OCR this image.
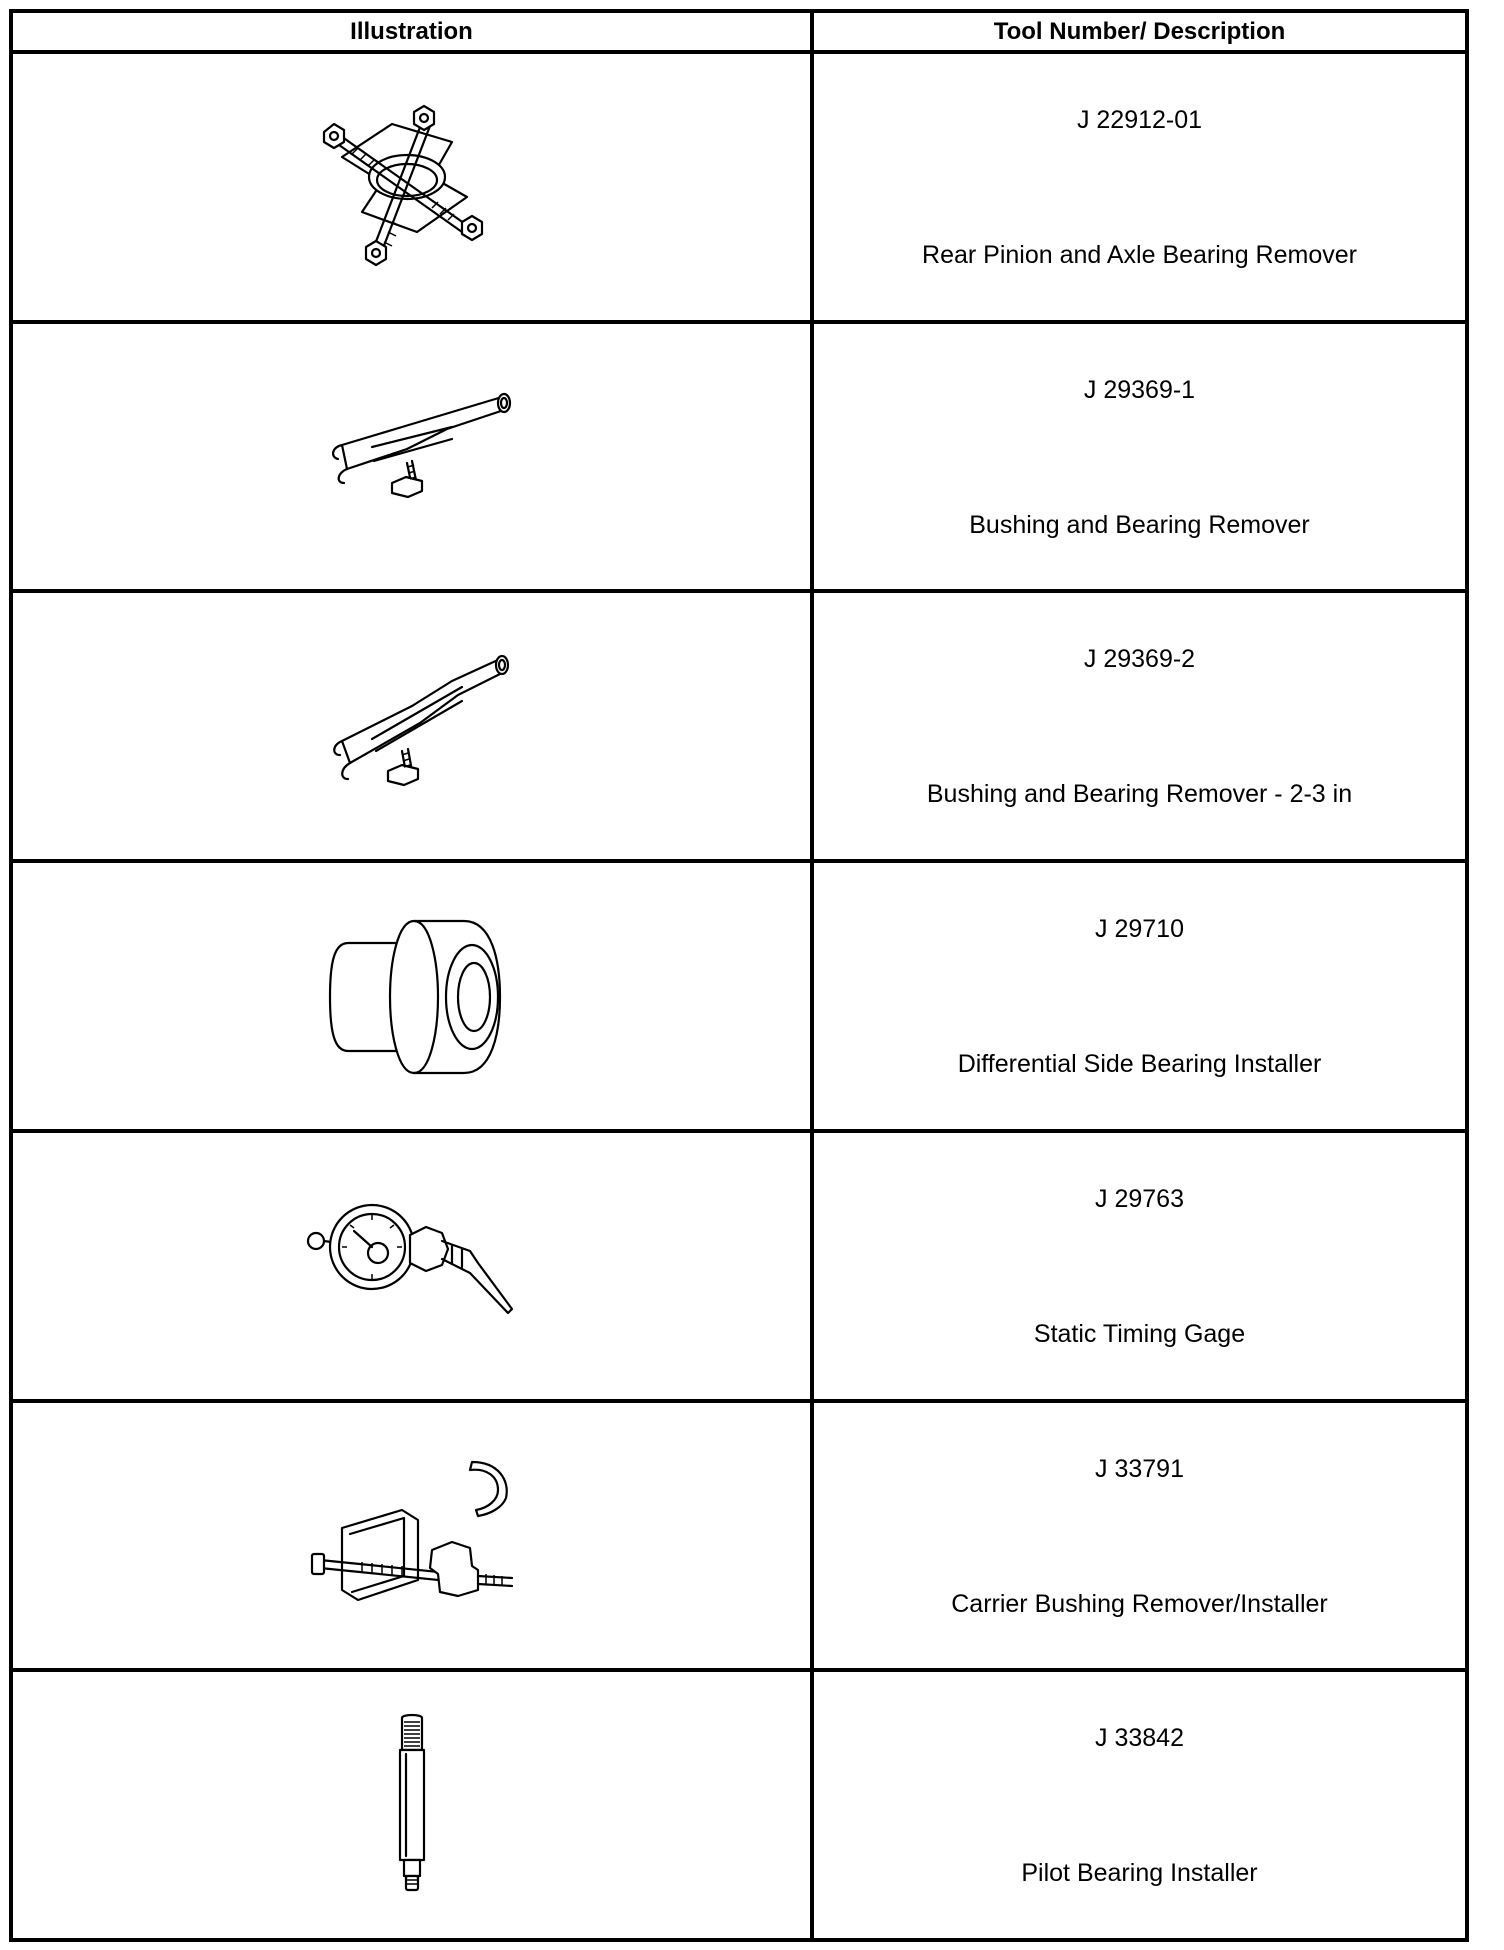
Illustration	Tool Number/ Description

J 22912-01
Rear Pinion and Axle Bearing Remover

J 29369-1
Bushing and Bearing Remover

J 29369-2
Bushing and Bearing Remover - 2-3 in

J 29710
Differential Side Bearing Installer

J 29763
Static Timing Gage

J 33791
Carrier Bushing Remover/Installer

J 33842
Pilot Bearing Installer
